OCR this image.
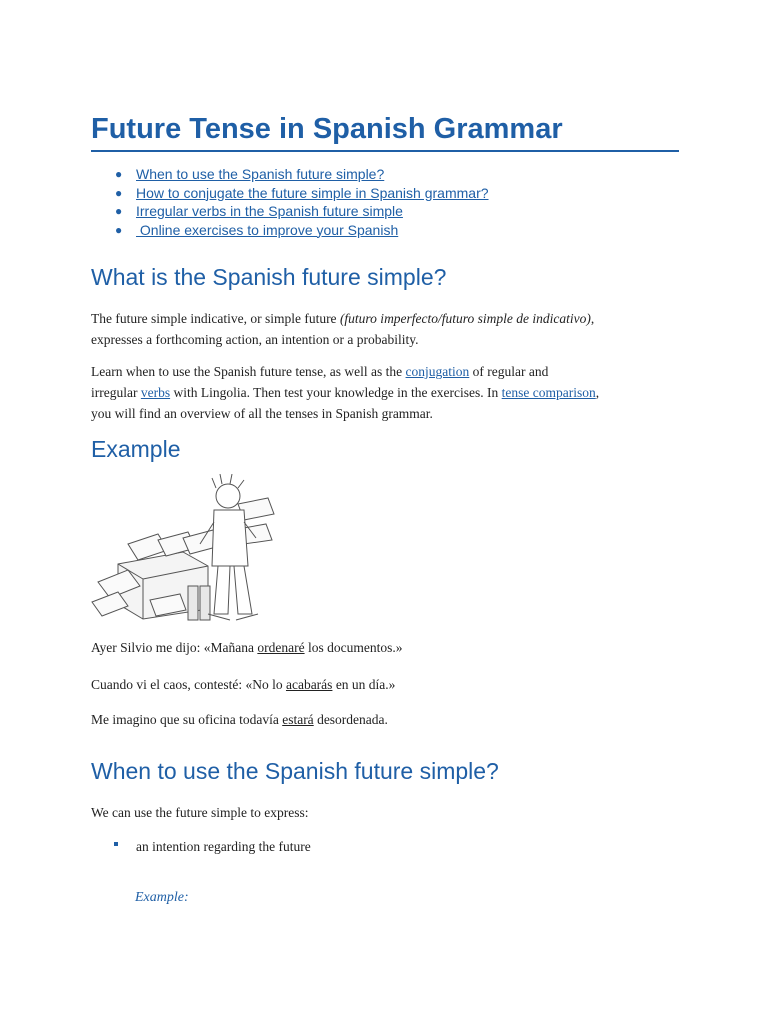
Future Tense in Spanish Grammar
● When to use the Spanish future simple?
● How to conjugate the future simple in Spanish grammar?
● Irregular verbs in the Spanish future simple
● Online exercises to improve your Spanish
What is the Spanish future simple?
The future simple indicative, or simple future (futuro imperfecto/futuro simple de indicativo),
expresses a forthcoming action, an intention or a probability.
Learn when to use the Spanish future tense, as well as the conjugation of regular and
irregular verbs with Lingolia. Then test your knowledge in the exercises. In tense comparison,
you will find an overview of all the tenses in Spanish grammar.
Example
Ayer Silvio me dijo: «Mañana ordenaré los documentos.»
Cuando vi el caos, contesté: «No lo acabarás en un día.»
Me imagino que su oficina todavía estará desordenada.
When to use the Spanish future simple?
We can use the future simple to express:
an intention regarding the future
Example:
